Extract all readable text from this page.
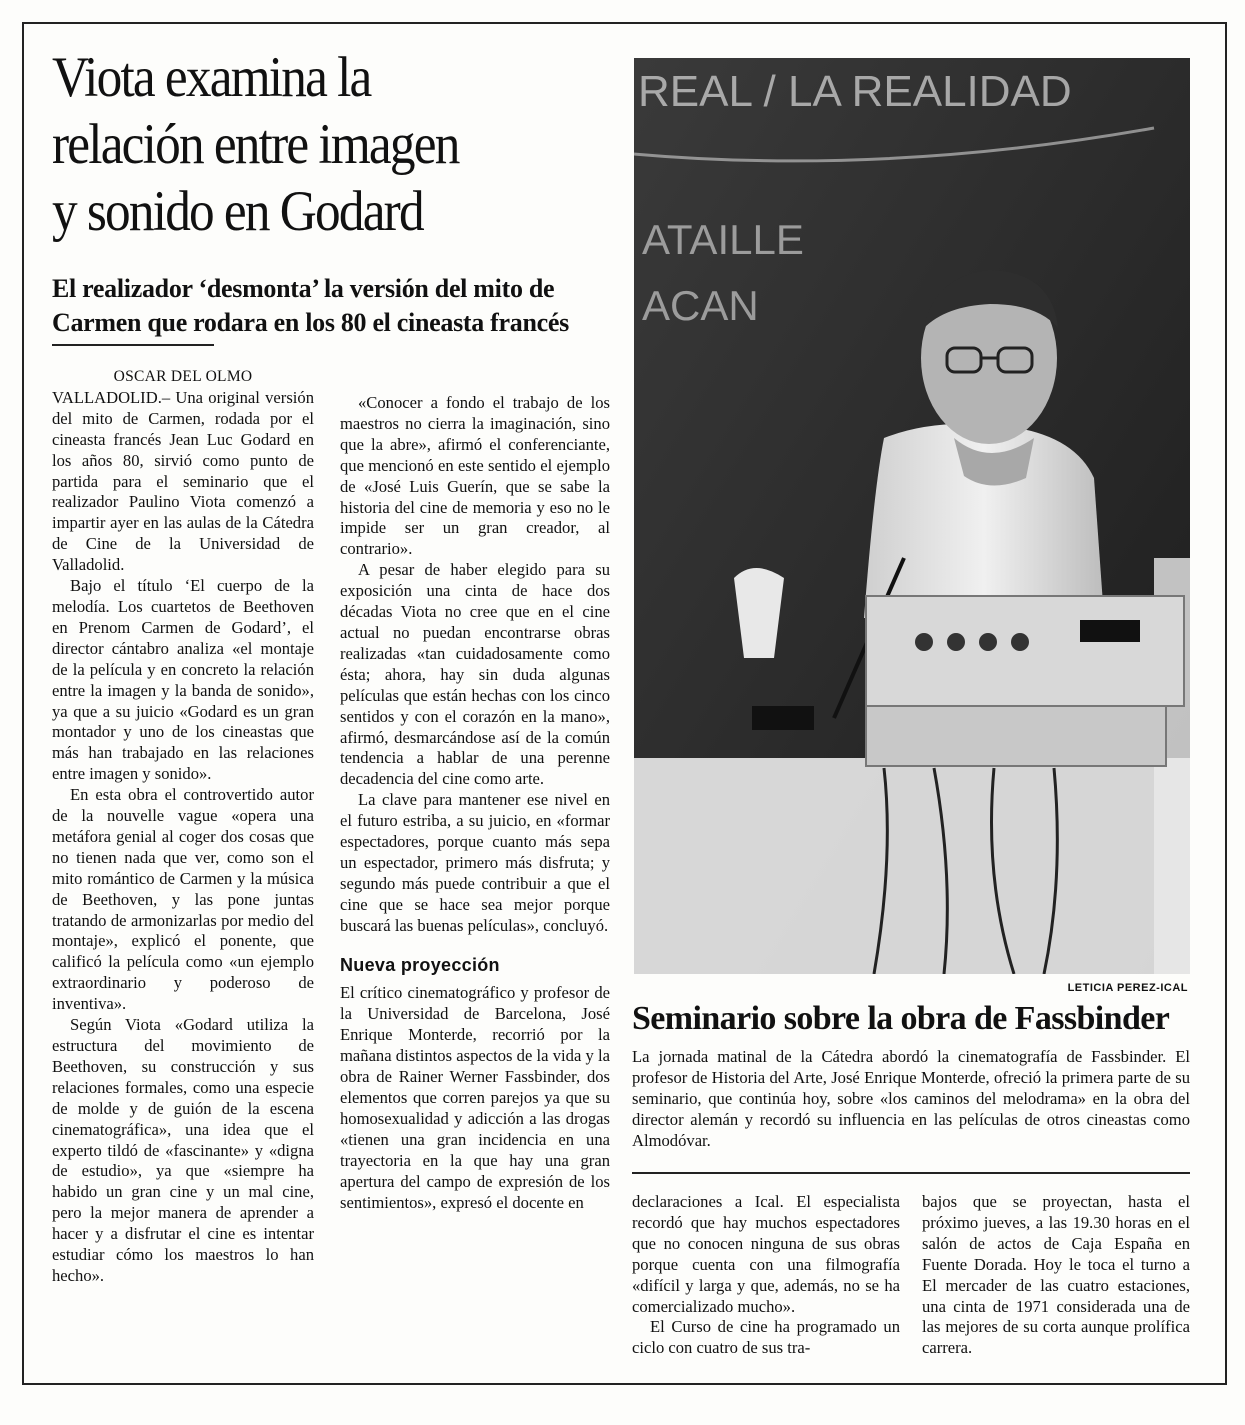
Viota examina la
relación entre imagen
y sonido en Godard
El realizador ‘desmonta’ la versión del mito de
Carmen que rodara en los 80 el cineasta francés

OSCAR DEL OLMO

VALLADOLID.– Una original versión del mito de Carmen, rodada por el cineasta francés Jean Luc Godard en los años 80, sirvió como punto de partida para el seminario que el realizador Paulino Viota comenzó a impartir ayer en las aulas de la Cátedra de Cine de la Universidad de Valladolid.

Bajo el título ‘El cuerpo de la melodía. Los cuartetos de Beethoven en Prenom Carmen de Godard’, el director cántabro analiza «el montaje de la película y en concreto la relación entre la imagen y la banda de sonido», ya que a su juicio «Godard es un gran montador y uno de los cineastas que más han trabajado en las relaciones entre imagen y sonido».

En esta obra el controvertido autor de la nouvelle vague «opera una metáfora genial al coger dos cosas que no tienen nada que ver, como son el mito romántico de Carmen y la música de Beethoven, y las pone juntas tratando de armonizarlas por medio del montaje», explicó el ponente, que calificó la película como «un ejemplo extraordinario y poderoso de inventiva».

Según Viota «Godard utiliza la estructura del movimiento de Beethoven, su construcción y sus relaciones formales, como una especie de molde y de guión de la escena cinematográfica», una idea que el experto tildó de «fascinante» y «digna de estudio», ya que «siempre ha habido un gran cine y un mal cine, pero la mejor manera de aprender a hacer y a disfrutar el cine es intentar estudiar cómo los maestros lo han hecho».

«Conocer a fondo el trabajo de los maestros no cierra la imaginación, sino que la abre», afirmó el conferenciante, que mencionó en este sentido el ejemplo de «José Luis Guerín, que se sabe la historia del cine de memoria y eso no le impide ser un gran creador, al contrario».

A pesar de haber elegido para su exposición una cinta de hace dos décadas Viota no cree que en el cine actual no puedan encontrarse obras realizadas «tan cuidadosamente como ésta; ahora, hay sin duda algunas películas que están hechas con los cinco sentidos y con el corazón en la mano», afirmó, desmarcándose así de la común tendencia a hablar de una perenne decadencia del cine como arte.

La clave para mantener ese nivel en el futuro estriba, a su juicio, en «formar espectadores, porque cuanto más sepa un espectador, primero más disfruta; y segundo más puede contribuir a que el cine que se hace sea mejor porque buscará las buenas películas», concluyó.

Nueva proyección

El crítico cinematográfico y profesor de la Universidad de Barcelona, José Enrique Monterde, recorrió por la mañana distintos aspectos de la vida y la obra de Rainer Werner Fassbinder, dos elementos que corren parejos ya que su homosexualidad y adicción a las drogas «tienen una gran incidencia en una trayectoria en la que hay una gran apertura del campo de expresión de los sentimientos», expresó el docente en

REAL / LA REALIDAD
ATAILLE
ACAN
LETICIA PEREZ-ICAL
Seminario sobre la obra de Fassbinder

La jornada matinal de la Cátedra abordó la cinematografía de Fassbinder. El profesor de Historia del Arte, José Enrique Monterde, ofreció la primera parte de su seminario, que continúa hoy, sobre «los caminos del melodrama» en la obra del director alemán y recordó su influencia en las películas de otros cineastas como Almodóvar.

declaraciones a Ical. El especialista recordó que hay muchos espectadores que no conocen ninguna de sus obras porque cuenta con una filmografía «difícil y larga y que, además, no se ha comercializado mucho».

El Curso de cine ha programado un ciclo con cuatro de sus tra-

bajos que se proyectan, hasta el próximo jueves, a las 19.30 horas en el salón de actos de Caja España en Fuente Dorada. Hoy le toca el turno a El mercader de las cuatro estaciones, una cinta de 1971 considerada una de las mejores de su corta aunque prolífica carrera.
